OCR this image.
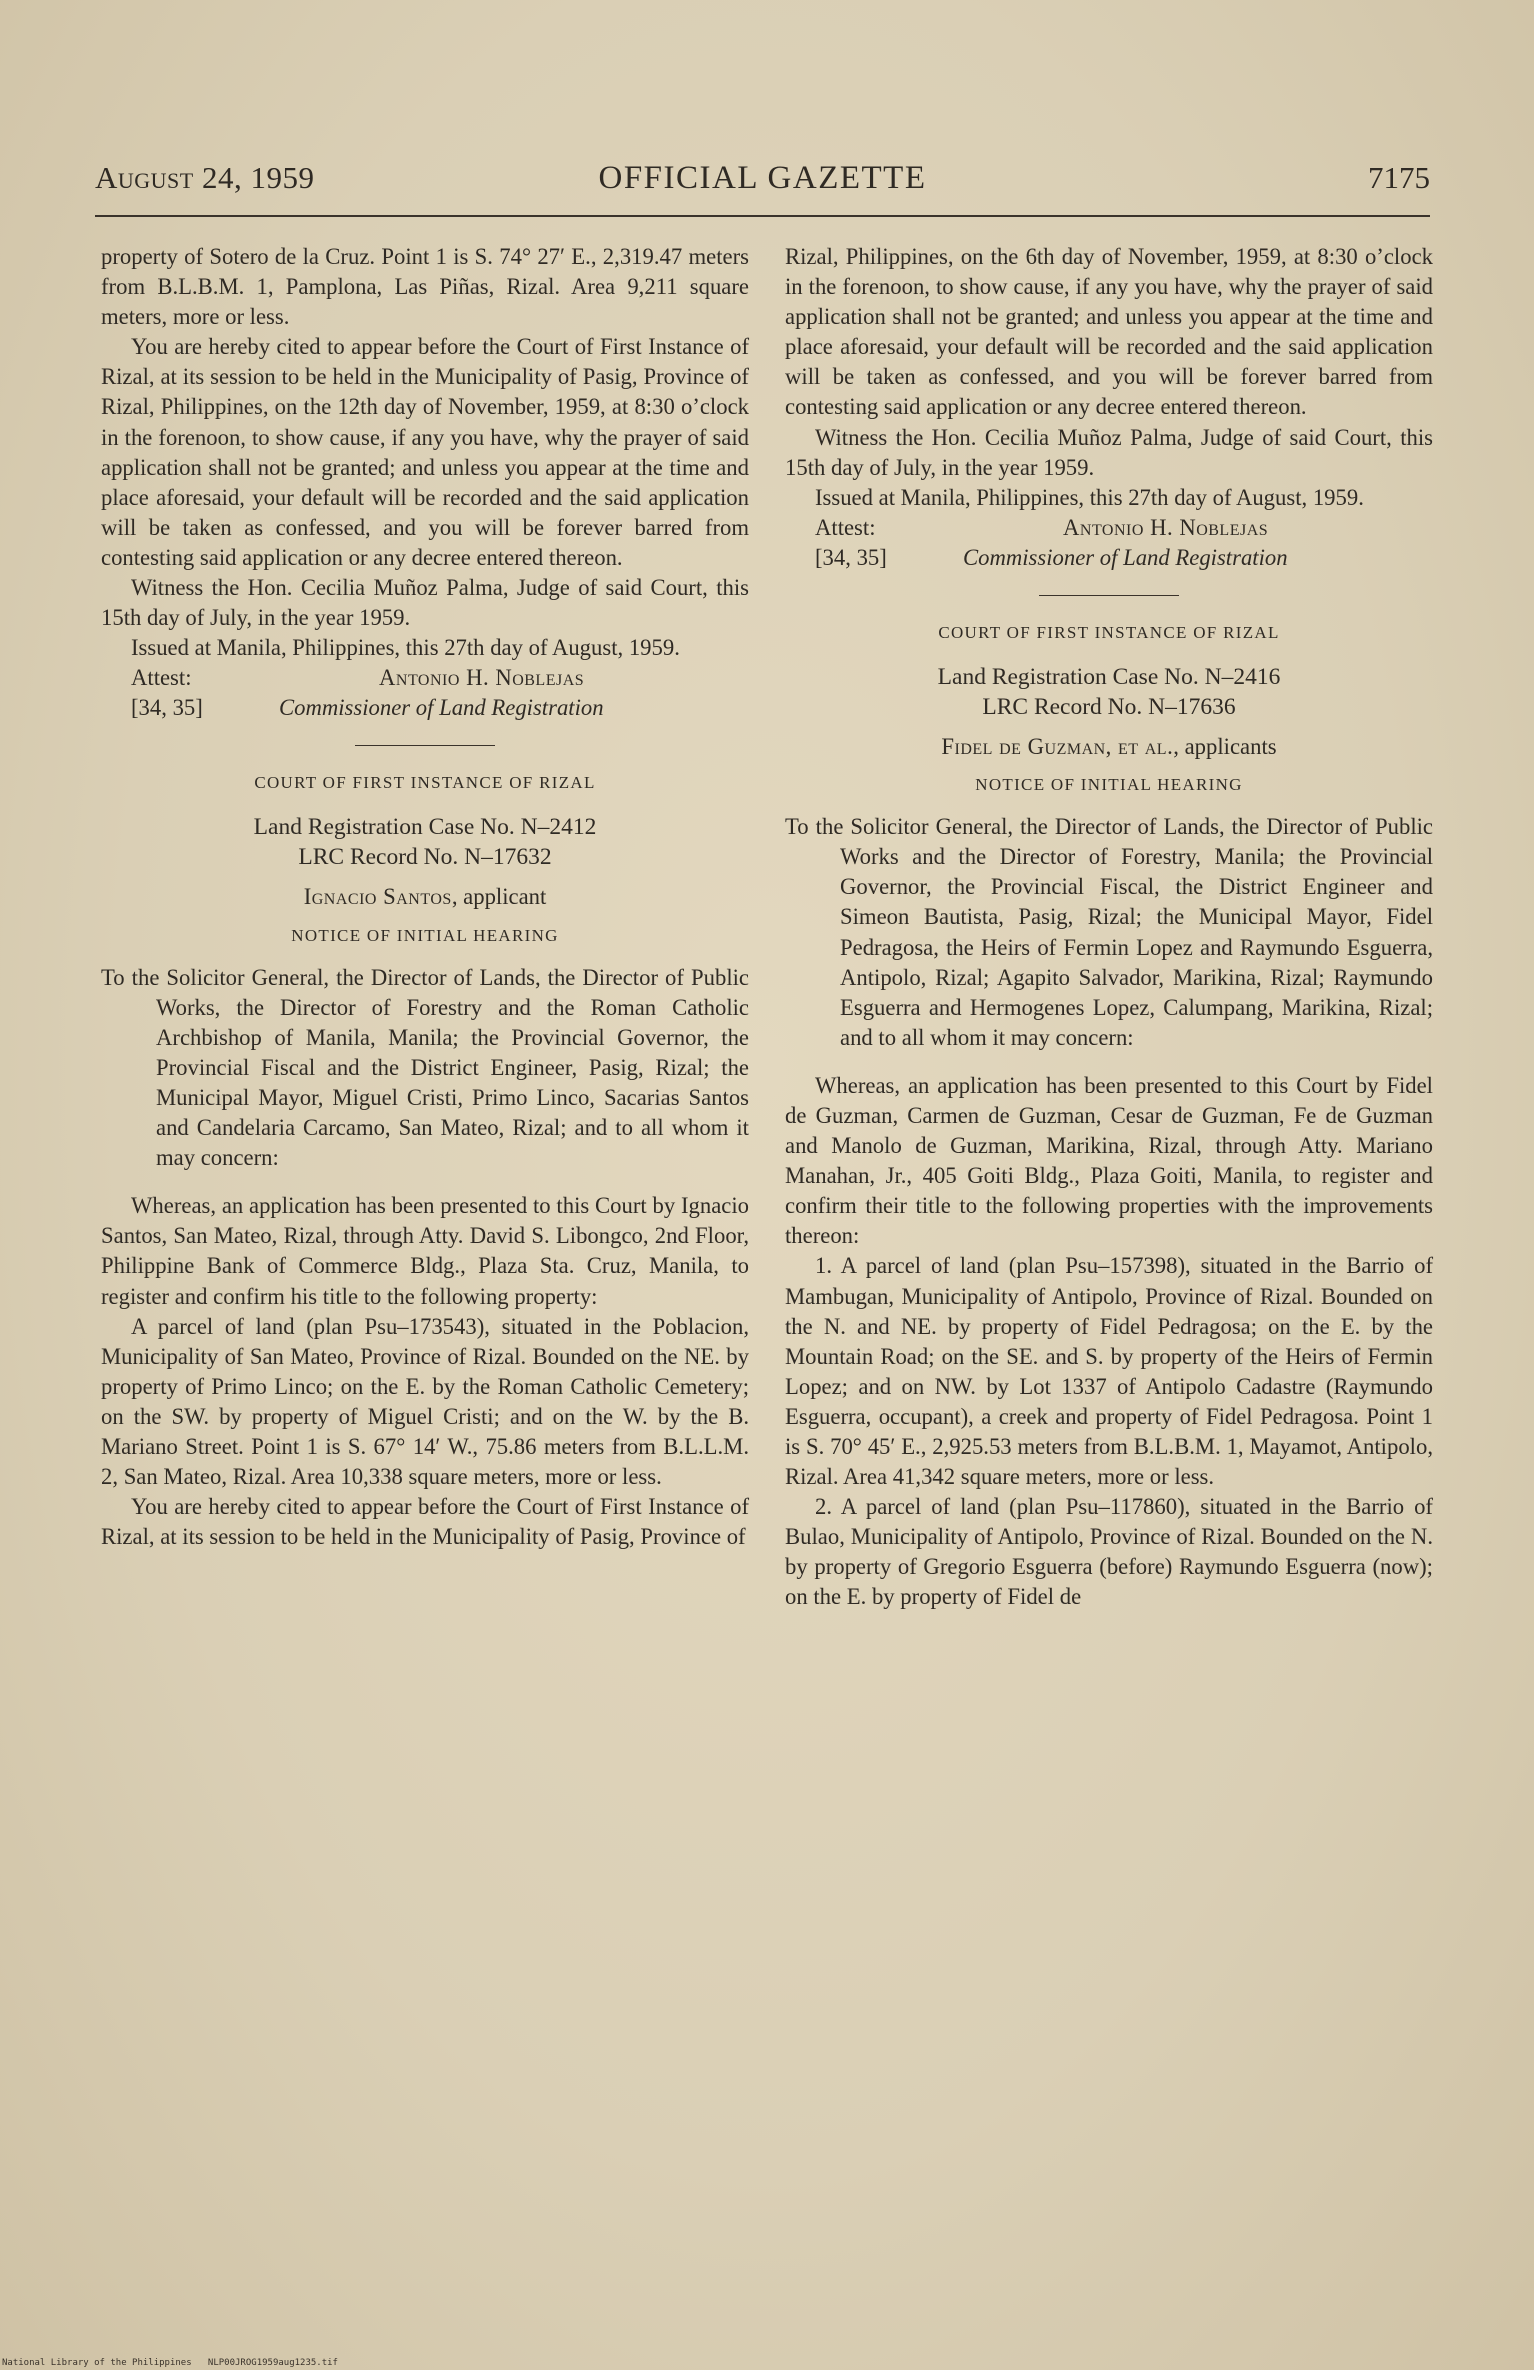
August 24, 1959	OFFICIAL GAZETTE	7175

property of Sotero de la Cruz. Point 1 is S. 74° 27′ E., 2,319.47 meters from B.L.B.M. 1, Pamplona, Las Piñas, Rizal. Area 9,211 square meters, more or less.

You are hereby cited to appear before the Court of First Instance of Rizal, at its session to be held in the Municipality of Pasig, Province of Rizal, Philippines, on the 12th day of November, 1959, at 8:30 o’clock in the forenoon, to show cause, if any you have, why the prayer of said application shall not be granted; and unless you appear at the time and place aforesaid, your default will be recorded and the said application will be taken as confessed, and you will be forever barred from contesting said application or any decree entered thereon.

Witness the Hon. Cecilia Muñoz Palma, Judge of said Court, this 15th day of July, in the year 1959.

Issued at Manila, Philippines, this 27th day of August, 1959.

Attest:
[34, 35]
Antonio H. Noblejas
Commissioner of Land Registration
COURT OF FIRST INSTANCE OF RIZAL
Land Registration Case No. N–2412
LRC Record No. N–17632
Ignacio Santos, applicant
NOTICE OF INITIAL HEARING

To the Solicitor General, the Director of Lands, the Director of Public Works, the Director of Forestry and the Roman Catholic Archbishop of Manila, Manila; the Provincial Governor, the Provincial Fiscal and the District Engineer, Pasig, Rizal; the Municipal Mayor, Miguel Cristi, Primo Linco, Sacarias Santos and Candelaria Carcamo, San Mateo, Rizal; and to all whom it may concern:

Whereas, an application has been presented to this Court by Ignacio Santos, San Mateo, Rizal, through Atty. David S. Libongco, 2nd Floor, Philippine Bank of Commerce Bldg., Plaza Sta. Cruz, Manila, to register and confirm his title to the following property:

A parcel of land (plan Psu–173543), situated in the Poblacion, Municipality of San Mateo, Province of Rizal. Bounded on the NE. by property of Primo Linco; on the E. by the Roman Catholic Cemetery; on the SW. by property of Miguel Cristi; and on the W. by the B. Mariano Street. Point 1 is S. 67° 14′ W., 75.86 meters from B.L.L.M. 2, San Mateo, Rizal. Area 10,338 square meters, more or less.

You are hereby cited to appear before the Court of First Instance of Rizal, at its session to be held in the Municipality of Pasig, Province of

Rizal, Philippines, on the 6th day of November, 1959, at 8:30 o’clock in the forenoon, to show cause, if any you have, why the prayer of said application shall not be granted; and unless you appear at the time and place aforesaid, your default will be recorded and the said application will be taken as confessed, and you will be forever barred from contesting said application or any decree entered thereon.

Witness the Hon. Cecilia Muñoz Palma, Judge of said Court, this 15th day of July, in the year 1959.

Issued at Manila, Philippines, this 27th day of August, 1959.

Attest:
[34, 35]
Antonio H. Noblejas
Commissioner of Land Registration
COURT OF FIRST INSTANCE OF RIZAL
Land Registration Case No. N–2416
LRC Record No. N–17636
Fidel de Guzman, et al., applicants
NOTICE OF INITIAL HEARING

To the Solicitor General, the Director of Lands, the Director of Public Works and the Director of Forestry, Manila; the Provincial Governor, the Provincial Fiscal, the District Engineer and Simeon Bautista, Pasig, Rizal; the Municipal Mayor, Fidel Pedragosa, the Heirs of Fermin Lopez and Raymundo Esguerra, Antipolo, Rizal; Agapito Salvador, Marikina, Rizal; Raymundo Esguerra and Hermogenes Lopez, Calumpang, Marikina, Rizal; and to all whom it may concern:

Whereas, an application has been presented to this Court by Fidel de Guzman, Carmen de Guzman, Cesar de Guzman, Fe de Guzman and Manolo de Guzman, Marikina, Rizal, through Atty. Mariano Manahan, Jr., 405 Goiti Bldg., Plaza Goiti, Manila, to register and confirm their title to the following properties with the improvements thereon:

1. A parcel of land (plan Psu–157398), situated in the Barrio of Mambugan, Municipality of Antipolo, Province of Rizal. Bounded on the N. and NE. by property of Fidel Pedragosa; on the E. by the Mountain Road; on the SE. and S. by property of the Heirs of Fermin Lopez; and on NW. by Lot 1337 of Antipolo Cadastre (Raymundo Esguerra, occupant), a creek and property of Fidel Pedragosa. Point 1 is S. 70° 45′ E., 2,925.53 meters from B.L.B.M. 1, Mayamot, Antipolo, Rizal. Area 41,342 square meters, more or less.

2. A parcel of land (plan Psu–117860), situated in the Barrio of Bulao, Municipality of Antipolo, Province of Rizal. Bounded on the N. by property of Gregorio Esguerra (before) Raymundo Esguerra (now); on the E. by property of Fidel de

National Library of the Philippines NLP00JROG1959aug1235.tif
